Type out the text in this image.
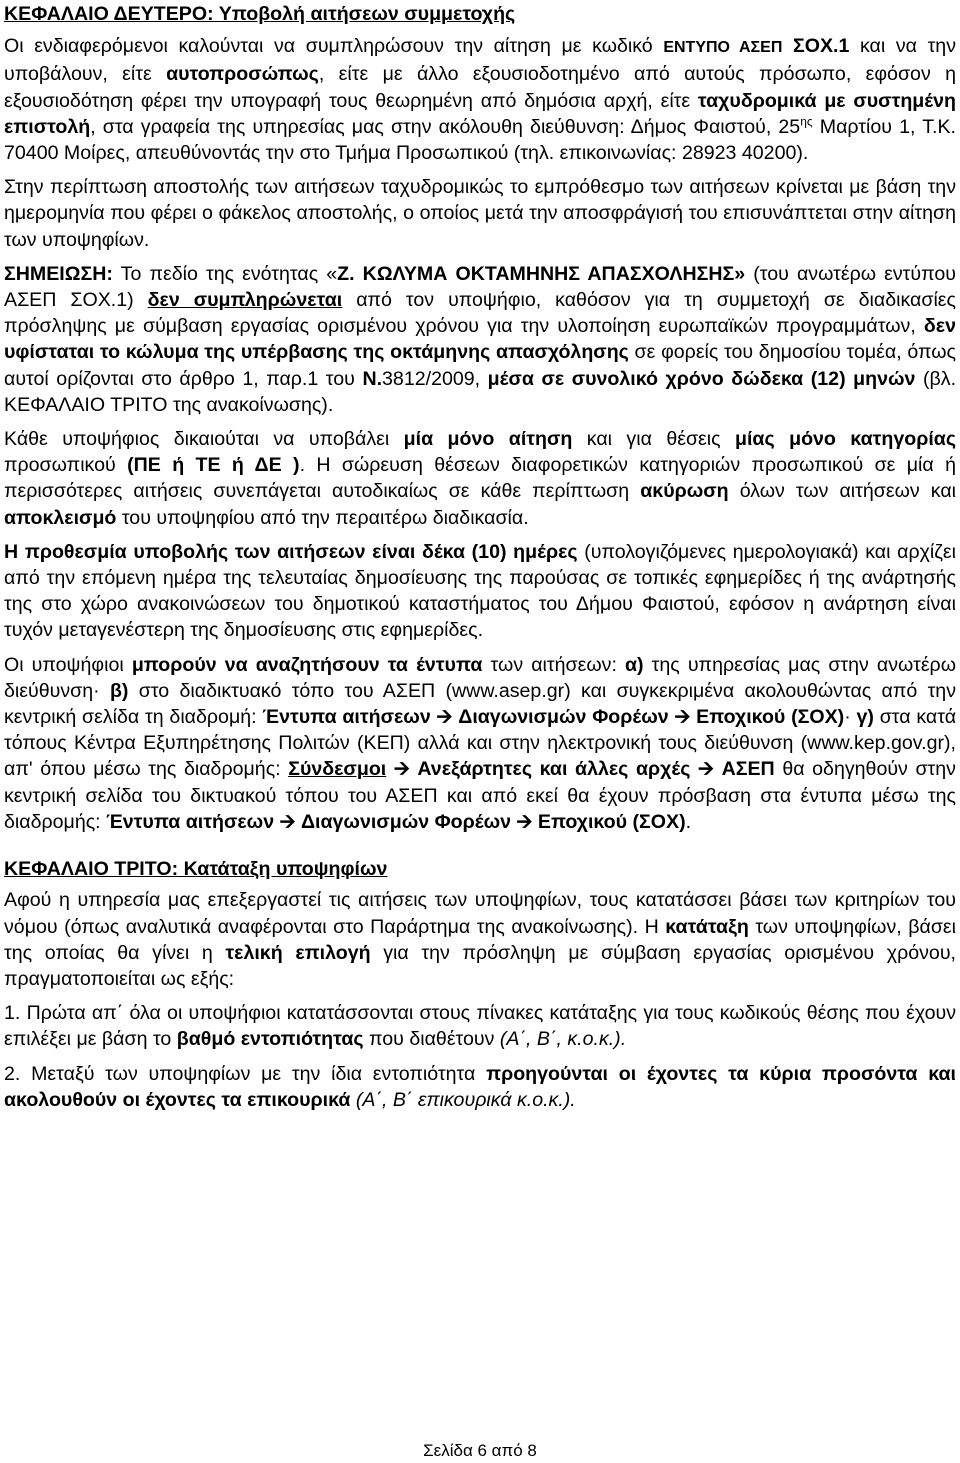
ΚΕΦΑΛΑΙΟ ΔΕΥΤΕΡΟ: Υποβολή αιτήσεων συμμετοχής

Οι ενδιαφερόμενοι καλούνται να συμπληρώσουν την αίτηση με κωδικό ΕΝΤΥΠΟ ΑΣΕΠ ΣΟΧ.1 και να την υποβάλουν, είτε αυτοπροσώπως, είτε με άλλο εξουσιοδοτημένο από αυτούς πρόσωπο, εφόσον η εξουσιοδότηση φέρει την υπογραφή τους θεωρημένη από δημόσια αρχή, είτε ταχυδρομικά με συστημένη επιστολή, στα γραφεία της υπηρεσίας μας στην ακόλουθη διεύθυνση: Δήμος Φαιστού, $25^{\eta\varsigma}$ Μαρτίου 1, Τ.Κ. 70400 Μοίρες, απευθύνοντάς την στο Τμήμα Προσωπικού (τηλ. επικοινωνίας: 28923 40200).

Στην περίπτωση αποστολής των αιτήσεων ταχυδρομικώς το εμπρόθεσμο των αιτήσεων κρίνεται με βάση την ημερομηνία που φέρει ο φάκελος αποστολής, ο οποίος μετά την αποσφράγισή του επισυνάπτεται στην αίτηση των υποψηφίων.

ΣΗΜΕΙΩΣΗ: Το πεδίο της ενότητας «Ζ. ΚΩΛΥΜΑ ΟΚΤΑΜΗΝΗΣ ΑΠΑΣΧΟΛΗΣΗΣ» (του ανωτέρω εντύπου ΑΣΕΠ ΣΟΧ.1) δεν συμπληρώνεται από τον υποψήφιο, καθόσον για τη συμμετοχή σε διαδικασίες πρόσληψης με σύμβαση εργασίας ορισμένου χρόνου για την υλοποίηση ευρωπαϊκών προγραμμάτων, δεν υφίσταται το κώλυμα της υπέρβασης της οκτάμηνης απασχόλησης σε φορείς του δημοσίου τομέα, όπως αυτοί ορίζονται στο άρθρο 1, παρ.1 του Ν.3812/2009, μέσα σε συνολικό χρόνο δώδεκα (12) μηνών (βλ. ΚΕΦΑΛΑΙΟ ΤΡΙΤΟ της ανακοίνωσης).

Κάθε υποψήφιος δικαιούται να υποβάλει μία μόνο αίτηση και για θέσεις μίας μόνο κατηγορίας προσωπικού (ΠΕ ή ΤΕ ή ΔΕ ). Η σώρευση θέσεων διαφορετικών κατηγοριών προσωπικού σε μία ή περισσότερες αιτήσεις συνεπάγεται αυτοδικαίως σε κάθε περίπτωση ακύρωση όλων των αιτήσεων και αποκλεισμό του υποψηφίου από την περαιτέρω διαδικασία.

Η προθεσμία υποβολής των αιτήσεων είναι δέκα (10) ημέρες (υπολογιζόμενες ημερολογιακά) και αρχίζει από την επόμενη ημέρα της τελευταίας δημοσίευσης της παρούσας σε τοπικές εφημερίδες ή της ανάρτησής της στο χώρο ανακοινώσεων του δημοτικού καταστήματος του Δήμου Φαιστού, εφόσον η ανάρτηση είναι τυχόν μεταγενέστερη της δημοσίευσης στις εφημερίδες.

Οι υποψήφιοι μπορούν να αναζητήσουν τα έντυπα των αιτήσεων: α) της υπηρεσίας μας στην ανωτέρω διεύθυνση· β) στο διαδικτυακό τόπο του ΑΣΕΠ (www.asep.gr) και συγκεκριμένα ακολουθώντας από την κεντρική σελίδα τη διαδρομή: Έντυπα αιτήσεων 🡪 Διαγωνισμών Φορέων 🡪 Εποχικού (ΣΟΧ)· γ) στα κατά τόπους Κέντρα Εξυπηρέτησης Πολιτών (ΚΕΠ) αλλά και στην ηλεκτρονική τους διεύθυνση (www.kep.gov.gr), απ' όπου μέσω της διαδρομής: Σύνδεσμοι 🡪 Ανεξάρτητες και άλλες αρχές 🡪 ΑΣΕΠ θα οδηγηθούν στην κεντρική σελίδα του δικτυακού τόπου του ΑΣΕΠ και από εκεί θα έχουν πρόσβαση στα έντυπα μέσω της διαδρομής: Έντυπα αιτήσεων 🡪 Διαγωνισμών Φορέων 🡪 Εποχικού (ΣΟΧ).

ΚΕΦΑΛΑΙΟ ΤΡΙΤΟ: Κατάταξη υποψηφίων

Αφού η υπηρεσία μας επεξεργαστεί τις αιτήσεις των υποψηφίων, τους κατατάσσει βάσει των κριτηρίων του νόμου (όπως αναλυτικά αναφέρονται στο Παράρτημα της ανακοίνωσης). Η κατάταξη των υποψηφίων, βάσει της οποίας θα γίνει η τελική επιλογή για την πρόσληψη με σύμβαση εργασίας ορισμένου χρόνου, πραγματοποιείται ως εξής:

1. Πρώτα απ΄ όλα οι υποψήφιοι κατατάσσονται στους πίνακες κατάταξης για τους κωδικούς θέσης που έχουν επιλέξει με βάση το βαθμό εντοπιότητας που διαθέτουν (Α΄, Β΄, κ.ο.κ.).

2. Μεταξύ των υποψηφίων με την ίδια εντοπιότητα προηγούνται οι έχοντες τα κύρια προσόντα και ακολουθούν οι έχοντες τα επικουρικά (Α΄, Β΄ επικουρικά κ.ο.κ.).

Σελίδα 6 από 8
